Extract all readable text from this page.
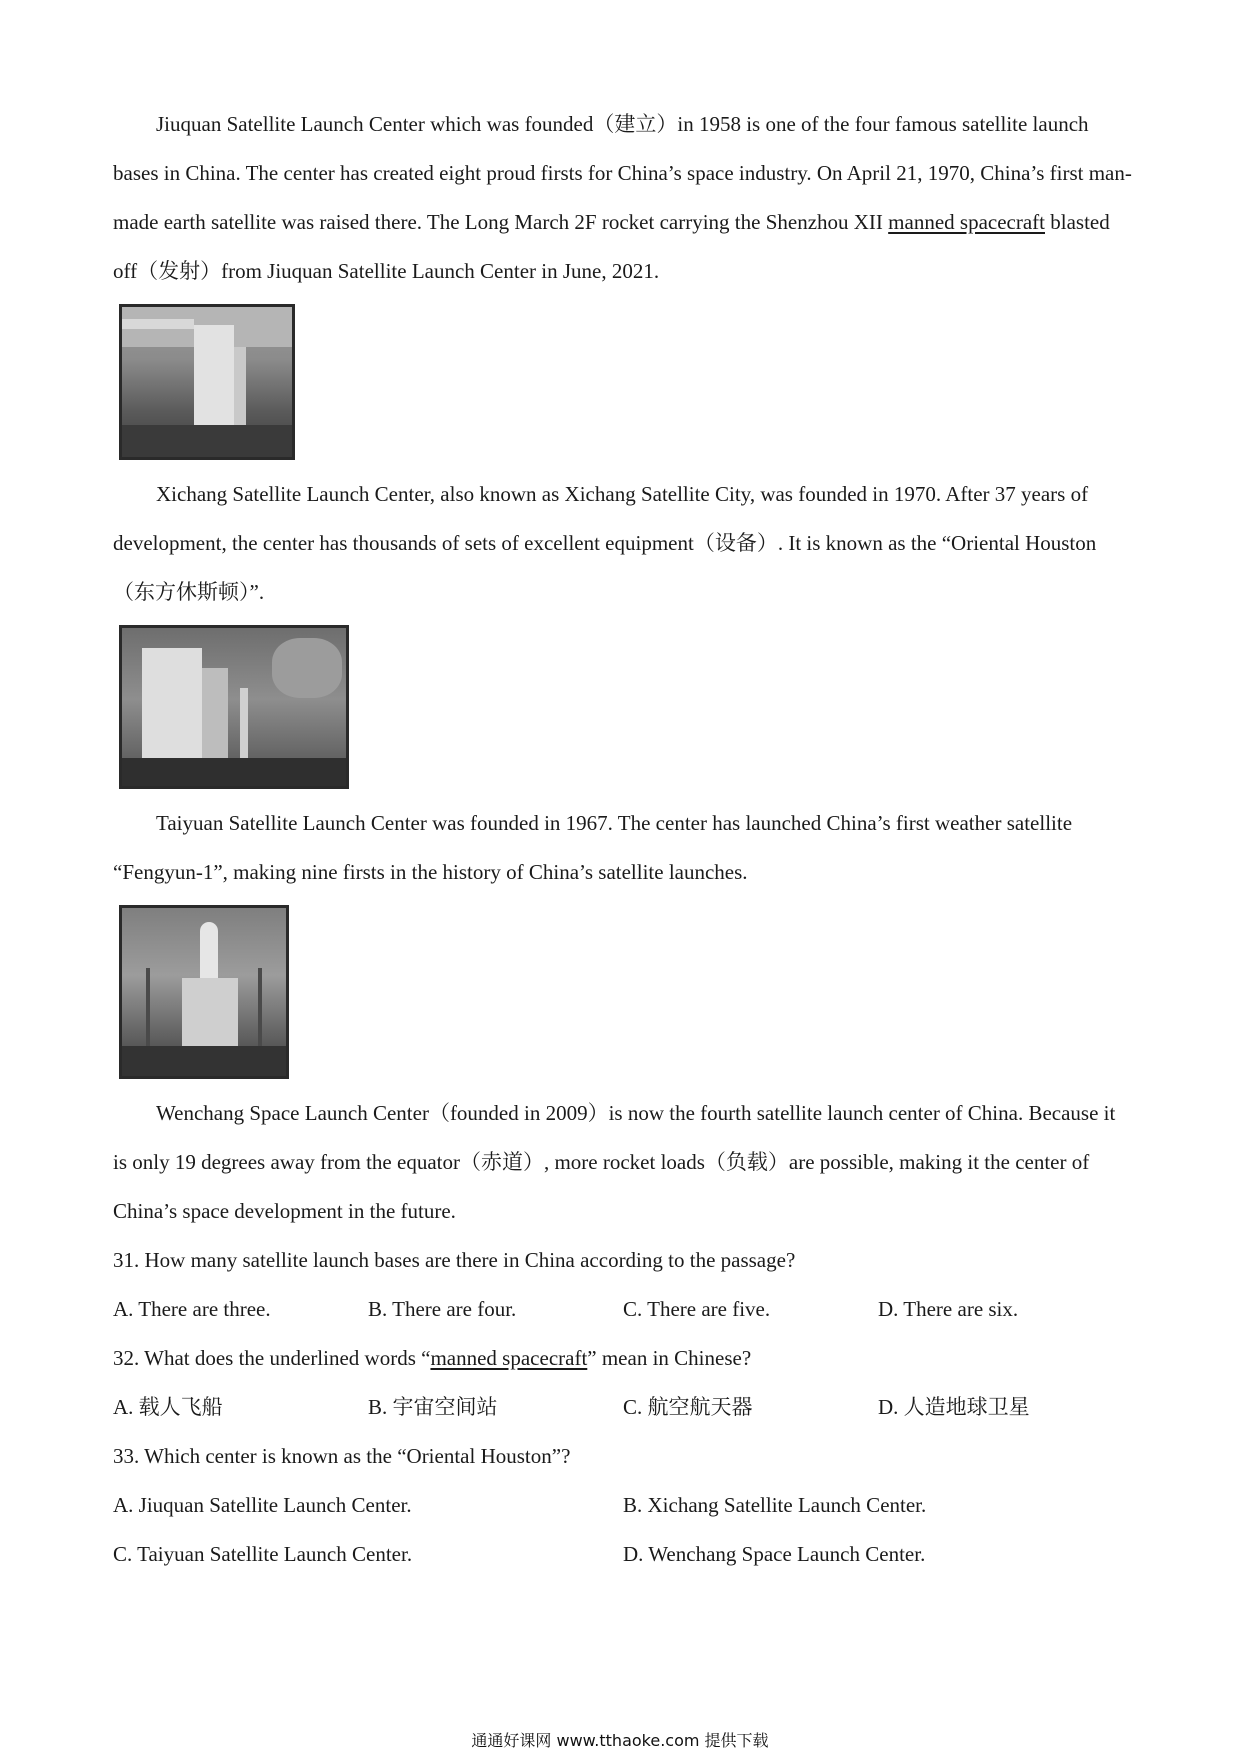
Jiuquan Satellite Launch Center which was founded（建立）in 1958 is one of the four famous satellite launch bases in China. The center has created eight proud firsts for China’s space industry. On April 21, 1970, China’s first man-made earth satellite was raised there. The Long March 2F rocket carrying the Shenzhou XII manned spacecraft blasted off（发射）from Jiuquan Satellite Launch Center in June, 2021.

Xichang Satellite Launch Center, also known as Xichang Satellite City, was founded in 1970. After 37 years of development, the center has thousands of sets of excellent equipment（设备）. It is known as the “Oriental Houston（东方休斯顿）”.

Taiyuan Satellite Launch Center was founded in 1967. The center has launched China’s first weather satellite “Fengyun-1”, making nine firsts in the history of China’s satellite launches.

Wenchang Space Launch Center（founded in 2009）is now the fourth satellite launch center of China. Because it is only 19 degrees away from the equator（赤道）, more rocket loads（负载）are possible, making it the center of China’s space development in the future.

31. How many satellite launch bases are there in China according to the passage?

A. There are three.	B. There are four.	C. There are five.	D. There are six.

32. What does the underlined words “manned spacecraft” mean in Chinese?

A. 载人飞船	B. 宇宙空间站	C. 航空航天器	D. 人造地球卫星

33. Which center is known as the “Oriental Houston”?

A. Jiuquan Satellite Launch Center.	B. Xichang Satellite Launch Center.
C. Taiyuan Satellite Launch Center.	D. Wenchang Space Launch Center.
通通好课网 www.tthaoke.com 提供下载
